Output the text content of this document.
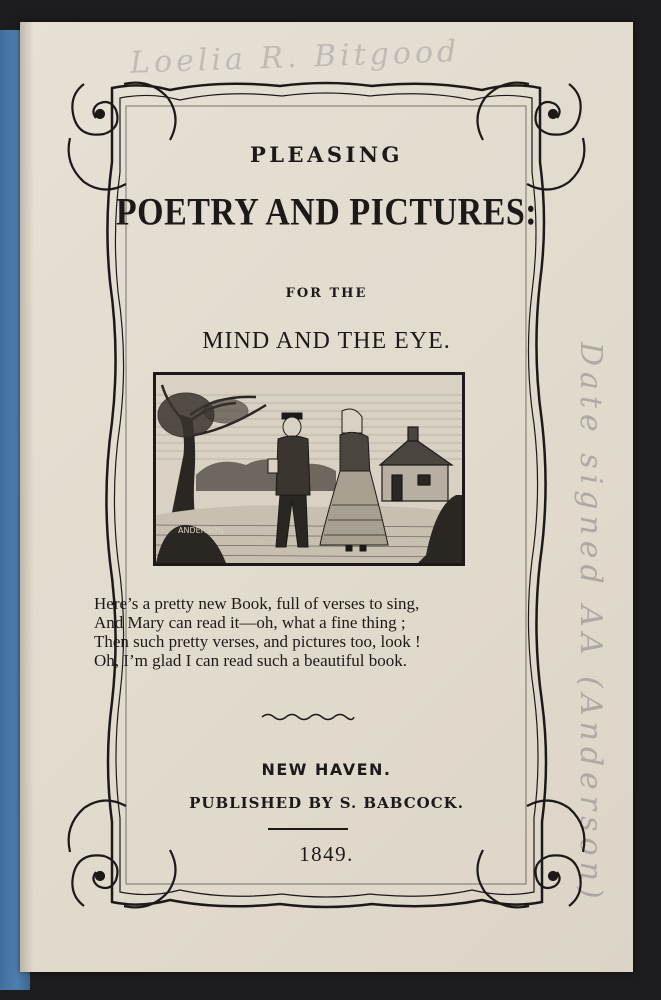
Loelia R. Bitgood
Date signed AA (Anderson)

PLEASING

POETRY AND PICTURES:

FOR THE

MIND AND THE EYE.

ANDERSON
Here’s a pretty new Book, full of verses to sing,
And Mary can read it—oh, what a fine thing ;
Then such pretty verses, and pictures too, look !
Oh, I’m glad I can read such a beautiful book.

NEW HAVEN.

PUBLISHED BY S. BABCOCK.

1849.
